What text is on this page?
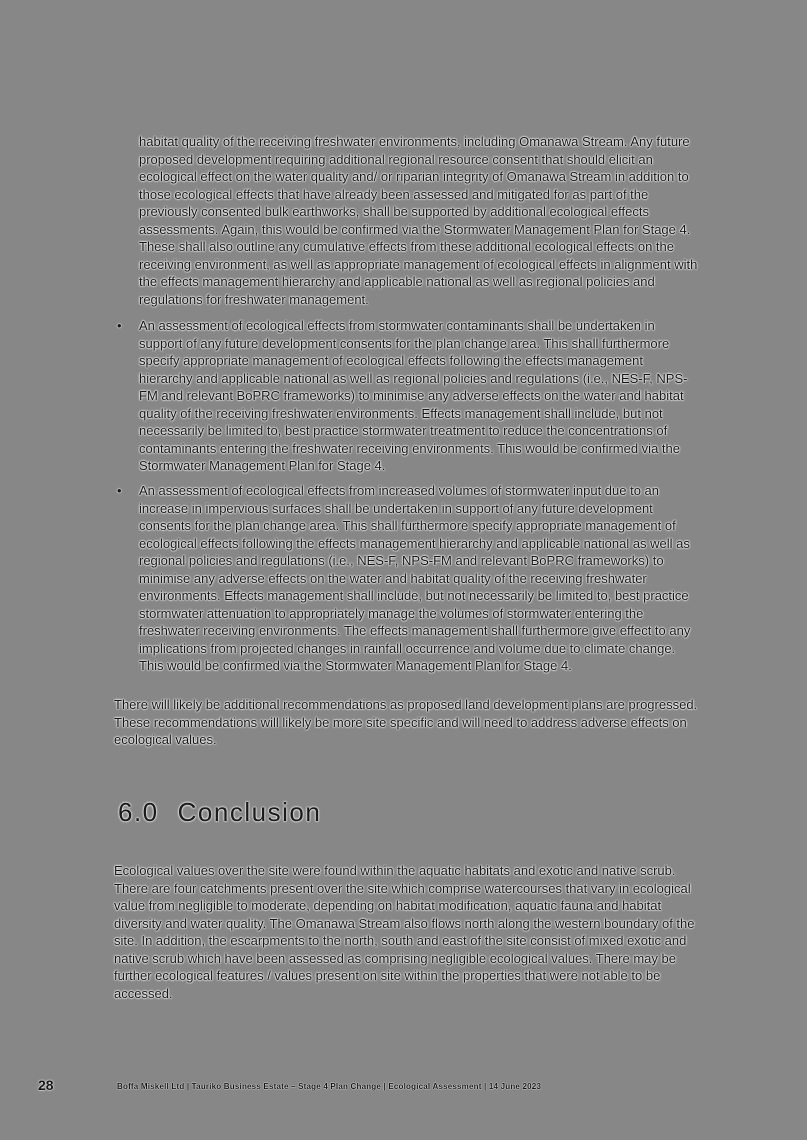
habitat quality of the receiving freshwater environments, including Omanawa Stream. Any future proposed development requiring additional regional resource consent that should elicit an ecological effect on the water quality and/ or riparian integrity of Omanawa Stream in addition to those ecological effects that have already been assessed and mitigated for as part of the previously consented bulk earthworks, shall be supported by additional ecological effects assessments. Again, this would be confirmed via the Stormwater Management Plan for Stage 4. These shall also outline any cumulative effects from these additional ecological effects on the receiving environment, as well as appropriate management of ecological effects in alignment with the effects management hierarchy and applicable national as well as regional policies and regulations for freshwater management.
• An assessment of ecological effects from stormwater contaminants shall be undertaken in support of any future development consents for the plan change area. This shall furthermore specify appropriate management of ecological effects following the effects management hierarchy and applicable national as well as regional policies and regulations (i.e., NES-F, NPS-FM and relevant BoPRC frameworks) to minimise any adverse effects on the water and habitat quality of the receiving freshwater environments. Effects management shall include, but not necessarily be limited to, best practice stormwater treatment to reduce the concentrations of contaminants entering the freshwater receiving environments. This would be confirmed via the Stormwater Management Plan for Stage 4.
• An assessment of ecological effects from increased volumes of stormwater input due to an increase in impervious surfaces shall be undertaken in support of any future development consents for the plan change area. This shall furthermore specify appropriate management of ecological effects following the effects management hierarchy and applicable national as well as regional policies and regulations (i.e., NES-F, NPS-FM and relevant BoPRC frameworks) to minimise any adverse effects on the water and habitat quality of the receiving freshwater environments. Effects management shall include, but not necessarily be limited to, best practice stormwater attenuation to appropriately manage the volumes of stormwater entering the freshwater receiving environments. The effects management shall furthermore give effect to any implications from projected changes in rainfall occurrence and volume due to climate change. This would be confirmed via the Stormwater Management Plan for Stage 4.
There will likely be additional recommendations as proposed land development plans are progressed. These recommendations will likely be more site specific and will need to address adverse effects on ecological values.
6.0 Conclusion
Ecological values over the site were found within the aquatic habitats and exotic and native scrub. There are four catchments present over the site which comprise watercourses that vary in ecological value from negligible to moderate, depending on habitat modification, aquatic fauna and habitat diversity and water quality. The Omanawa Stream also flows north along the western boundary of the site. In addition, the escarpments to the north, south and east of the site consist of mixed exotic and native scrub which have been assessed as comprising negligible ecological values. There may be further ecological features / values present on site within the properties that were not able to be accessed.
28	Boffa Miskell Ltd | Tauriko Business Estate – Stage 4 Plan Change | Ecological Assessment | 14 June 2023
